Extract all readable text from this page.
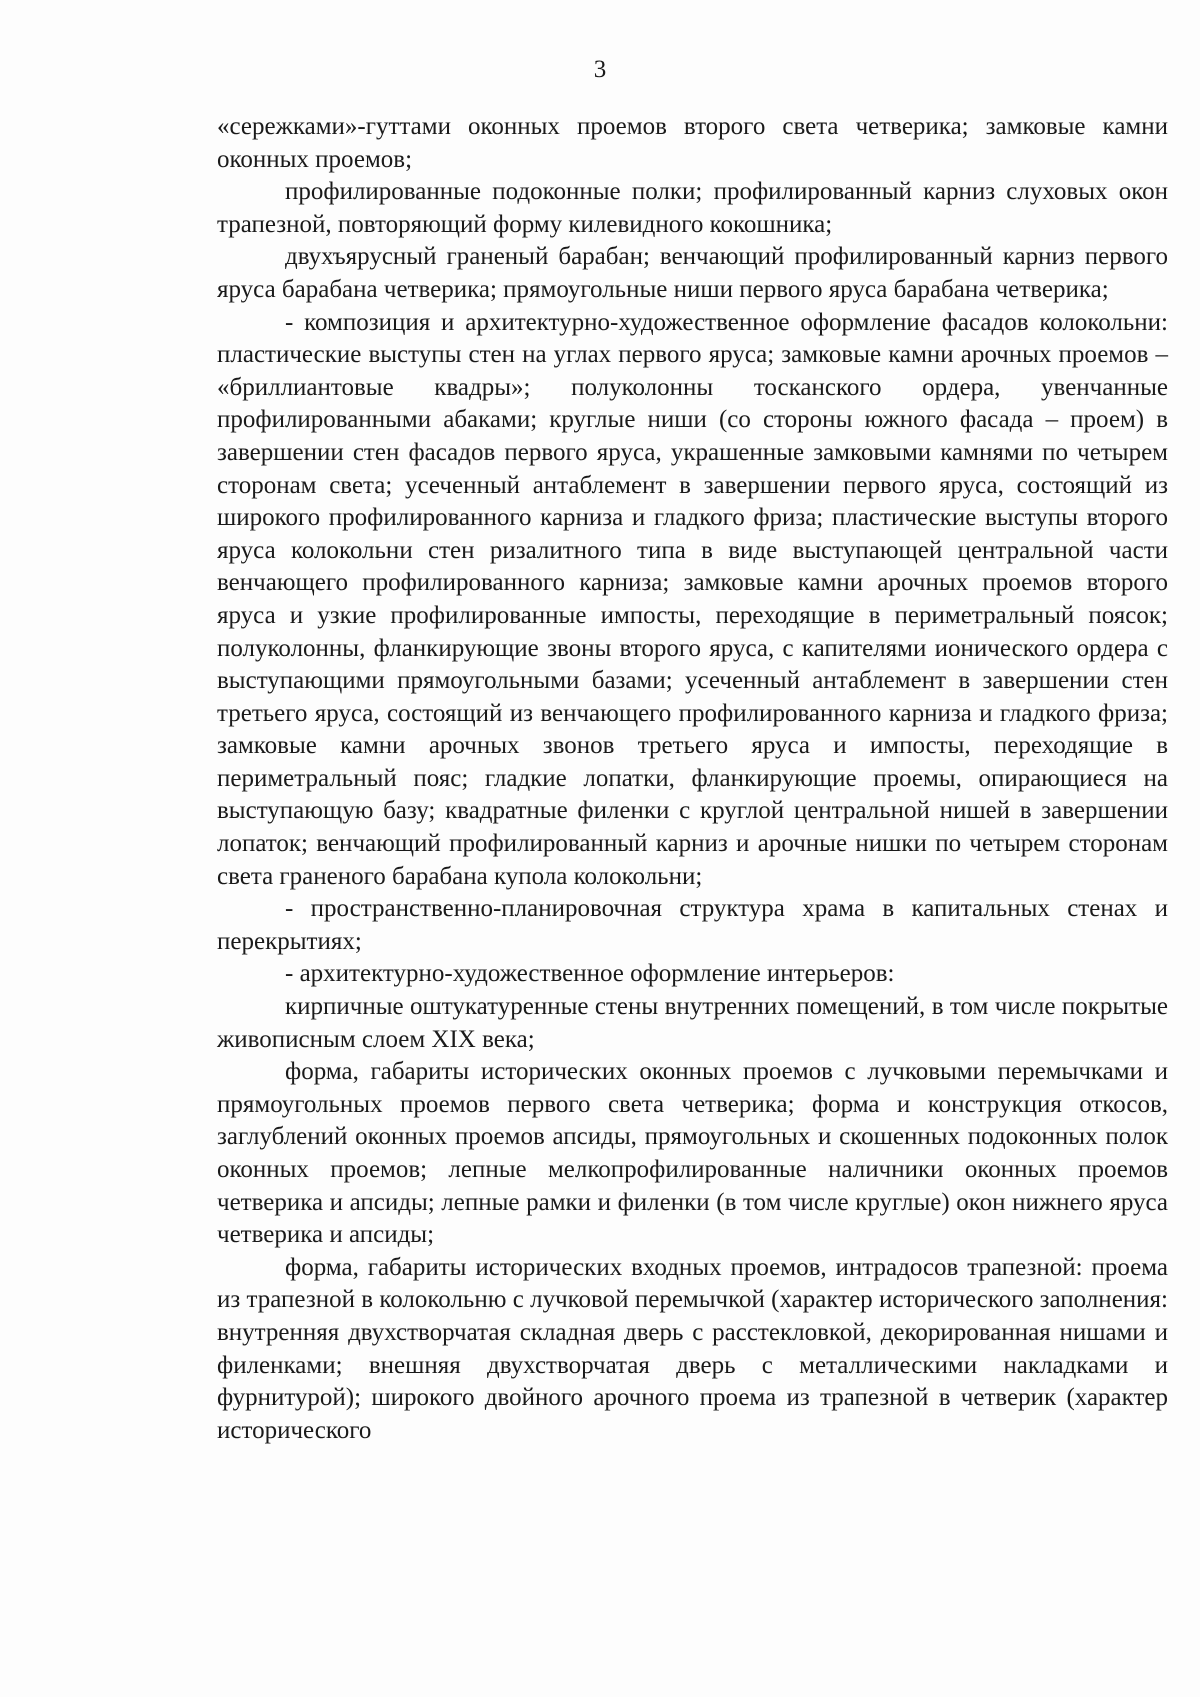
3

«сережками»-гуттами оконных проемов второго света четверика; замковые камни оконных проемов;

профилированные подоконные полки; профилированный карниз слуховых окон трапезной, повторяющий форму килевидного кокошника;

двухъярусный граненый барабан; венчающий профилированный карниз первого яруса барабана четверика; прямоугольные ниши первого яруса барабана четверика;

- композиция и архитектурно-художественное оформление фасадов колокольни: пластические выступы стен на углах первого яруса; замковые камни арочных проемов – «бриллиантовые квадры»; полуколонны тосканского ордера, увенчанные профилированными абаками; круглые ниши (со стороны южного фасада – проем) в завершении стен фасадов первого яруса, украшенные замковыми камнями по четырем сторонам света; усеченный антаблемент в завершении первого яруса, состоящий из широкого профилированного карниза и гладкого фриза; пластические выступы второго яруса колокольни стен ризалитного типа в виде выступающей центральной части венчающего профилированного карниза; замковые камни арочных проемов второго яруса и узкие профилированные импосты, переходящие в периметральный поясок; полуколонны, фланкирующие звоны второго яруса, с капителями ионического ордера с выступающими прямоугольными базами; усеченный антаблемент в завершении стен третьего яруса, состоящий из венчающего профилированного карниза и гладкого фриза; замковые камни арочных звонов третьего яруса и импосты, переходящие в периметральный пояс; гладкие лопатки, фланкирующие проемы, опирающиеся на выступающую базу; квадратные филенки с круглой центральной нишей в завершении лопаток; венчающий профилированный карниз и арочные нишки по четырем сторонам света граненого барабана купола колокольни;

- пространственно-планировочная структура храма в капитальных стенах и перекрытиях;

- архитектурно-художественное оформление интерьеров:

кирпичные оштукатуренные стены внутренних помещений, в том числе покрытые живописным слоем XIX века;

форма, габариты исторических оконных проемов с лучковыми перемычками и прямоугольных проемов первого света четверика; форма и конструкция откосов, заглублений оконных проемов апсиды, прямоугольных и скошенных подоконных полок оконных проемов; лепные мелкопрофилированные наличники оконных проемов четверика и апсиды; лепные рамки и филенки (в том числе круглые) окон нижнего яруса четверика и апсиды;

форма, габариты исторических входных проемов, интрадосов трапезной: проема из трапезной в колокольню с лучковой перемычкой (характер исторического заполнения: внутренняя двухстворчатая складная дверь с расстекловкой, декорированная нишами и филенками; внешняя двухстворчатая дверь с металлическими накладками и фурнитурой); широкого двойного арочного проема из трапезной в четверик (характер исторического
